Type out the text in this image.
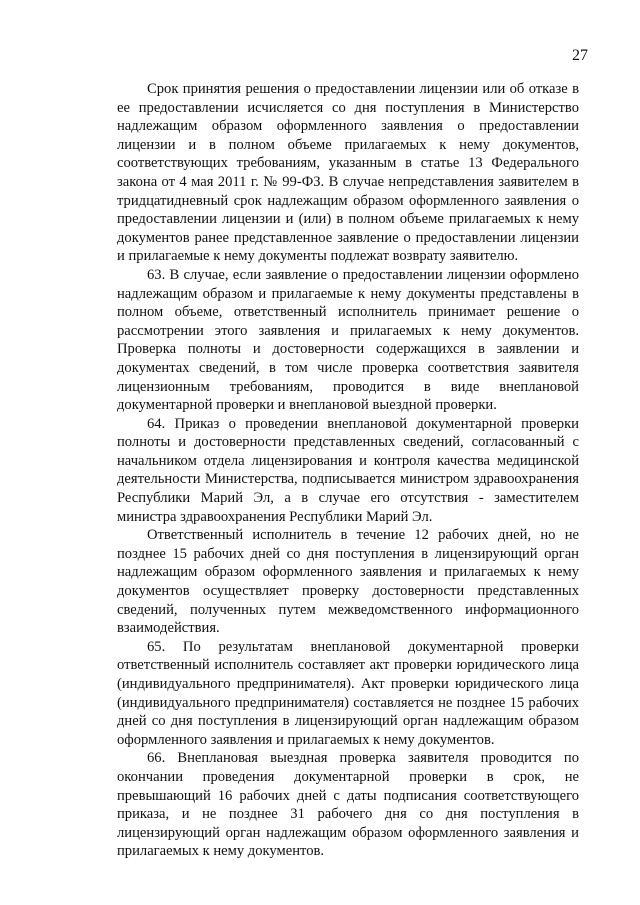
27

Срок принятия решения о предоставлении лицензии или об отказе в ее предоставлении исчисляется со дня поступления в Министерство надлежащим образом оформленного заявления о предоставлении лицензии и в полном объеме прилагаемых к нему документов, соответствующих требованиям, указанным в статье 13 Федерального закона от 4 мая 2011 г. № 99-ФЗ. В случае непредставления заявителем в тридцатидневный срок надлежащим образом оформленного заявления о предоставлении лицензии и (или) в полном объеме прилагаемых к нему документов ранее представленное заявление о предоставлении лицензии и прилагаемые к нему документы подлежат возврату заявителю.

63. В случае, если заявление о предоставлении лицензии оформлено надлежащим образом и прилагаемые к нему документы представлены в полном объеме, ответственный исполнитель принимает решение о рассмотрении этого заявления и прилагаемых к нему документов. Проверка полноты и достоверности содержащихся в заявлении и документах сведений, в том числе проверка соответствия заявителя лицензионным требованиям, проводится в виде внеплановой документарной проверки и внеплановой выездной проверки.

64. Приказ о проведении внеплановой документарной проверки полноты и достоверности представленных сведений, согласованный с начальником отдела лицензирования и контроля качества медицинской деятельности Министерства, подписывается министром здравоохранения Республики Марий Эл, а в случае его отсутствия - заместителем министра здравоохранения Республики Марий Эл.

Ответственный исполнитель в течение 12 рабочих дней, но не позднее 15 рабочих дней со дня поступления в лицензирующий орган надлежащим образом оформленного заявления и прилагаемых к нему документов осуществляет проверку достоверности представленных сведений, полученных путем межведомственного информационного взаимодействия.

65. По результатам внеплановой документарной проверки ответственный исполнитель составляет акт проверки юридического лица (индивидуального предпринимателя). Акт проверки юридического лица (индивидуального предпринимателя) составляется не позднее 15 рабочих дней со дня поступления в лицензирующий орган надлежащим образом оформленного заявления и прилагаемых к нему документов.

66. Внеплановая выездная проверка заявителя проводится по окончании проведения документарной проверки в срок, не превышающий 16 рабочих дней с даты подписания соответствующего приказа, и не позднее 31 рабочего дня со дня поступления в лицензирующий орган надлежащим образом оформленного заявления и прилагаемых к нему документов.
